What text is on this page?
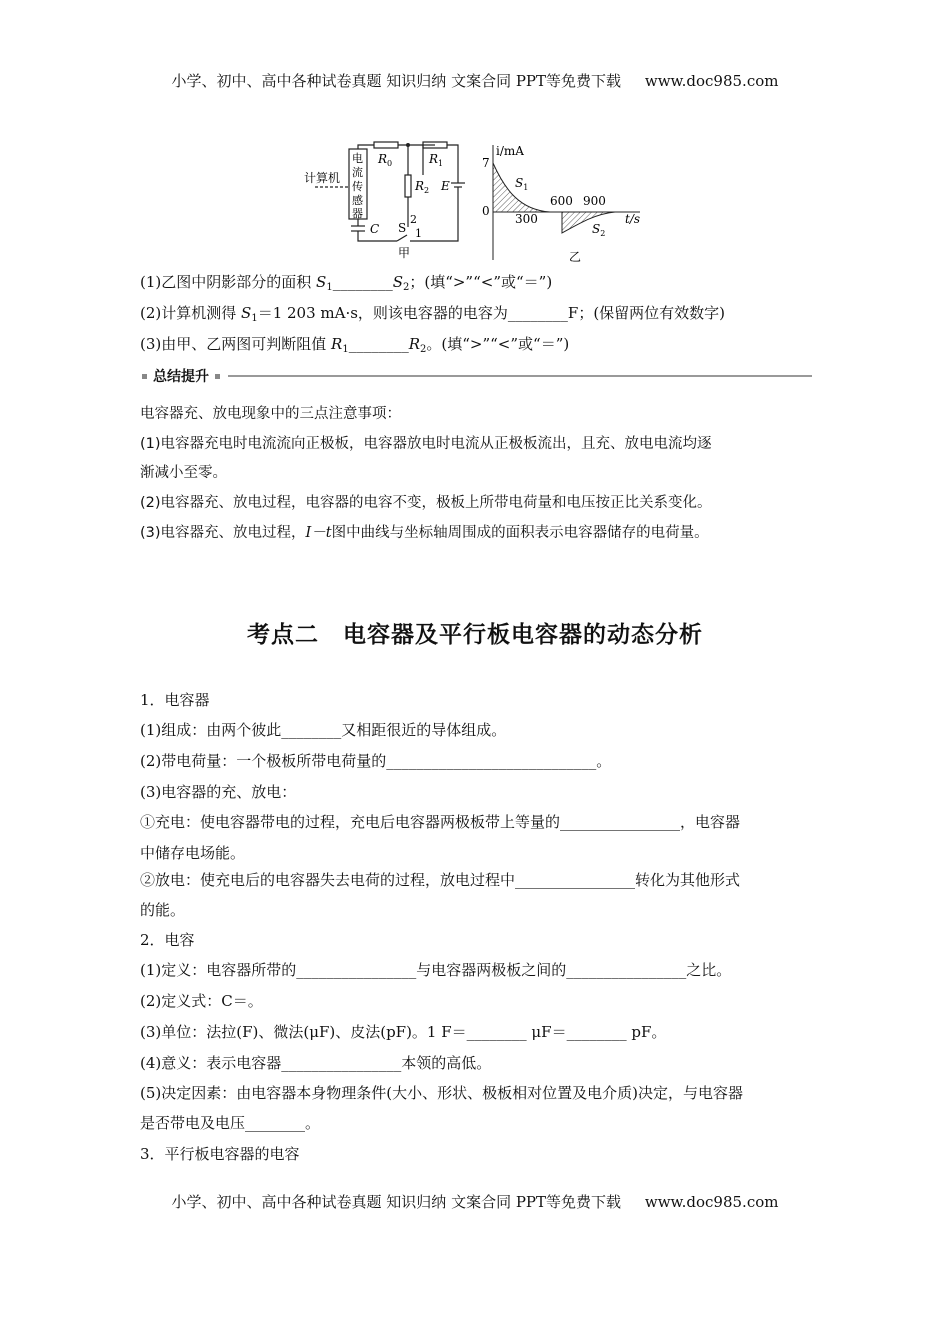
小学、初中、高中各种试卷真题 知识归纳 文案合同 PPT等免费下载 www.doc985.com
计算机
电
流
传
感
器
$R_0$	$R_1$
$R_2$ E
C S
2
1
甲
i/mA
7
0
300
600 900
t/s
$S_1$
$S_2$
乙
(1)乙图中阴影部分的面积 $S_1\_\_\_\_\_\_\_\_S_2$；(填“>”“<”或“＝”)
(2)计算机测得 $S_1=1$ 203 mA·s，则该电容器的电容为________F；(保留两位有效数字)
(3)由甲、乙两图可判断阻值 $R_1\_\_\_\_\_\_\_\_R_2$。(填“>”“<”或“＝”)
总结提升
电容器充、放电现象中的三点注意事项：
(1)电容器充电时电流流向正极板，电容器放电时电流从正极板流出，且充、放电电流均逐
渐减小至零。
(2)电容器充、放电过程，电容器的电容不变，极板上所带电荷量和电压按正比关系变化。
(3)电容器充、放电过程，I－t图中曲线与坐标轴周围成的面积表示电容器储存的电荷量。
考点二　电容器及平行板电容器的动态分析
1．电容器
(1)组成：由两个彼此________又相距很近的导体组成。
(2)带电荷量：一个极板所带电荷量的____________________________。
(3)电容器的充、放电：
①充电：使电容器带电的过程，充电后电容器两极板带上等量的________________，电容器
中储存电场能。
②放电：使充电后的电容器失去电荷的过程，放电过程中________________转化为其他形式
的能。
2．电容
(1)定义：电容器所带的________________与电容器两极板之间的________________之比。
(2)定义式：C＝。
(3)单位：法拉(F)、微法(μF)、皮法(pF)。1 F＝________ μF＝________ pF。
(4)意义：表示电容器________________本领的高低。
(5)决定因素：由电容器本身物理条件(大小、形状、极板相对位置及电介质)决定，与电容器
是否带电及电压________。
3．平行板电容器的电容
小学、初中、高中各种试卷真题 知识归纳 文案合同 PPT等免费下载 www.doc985.com
